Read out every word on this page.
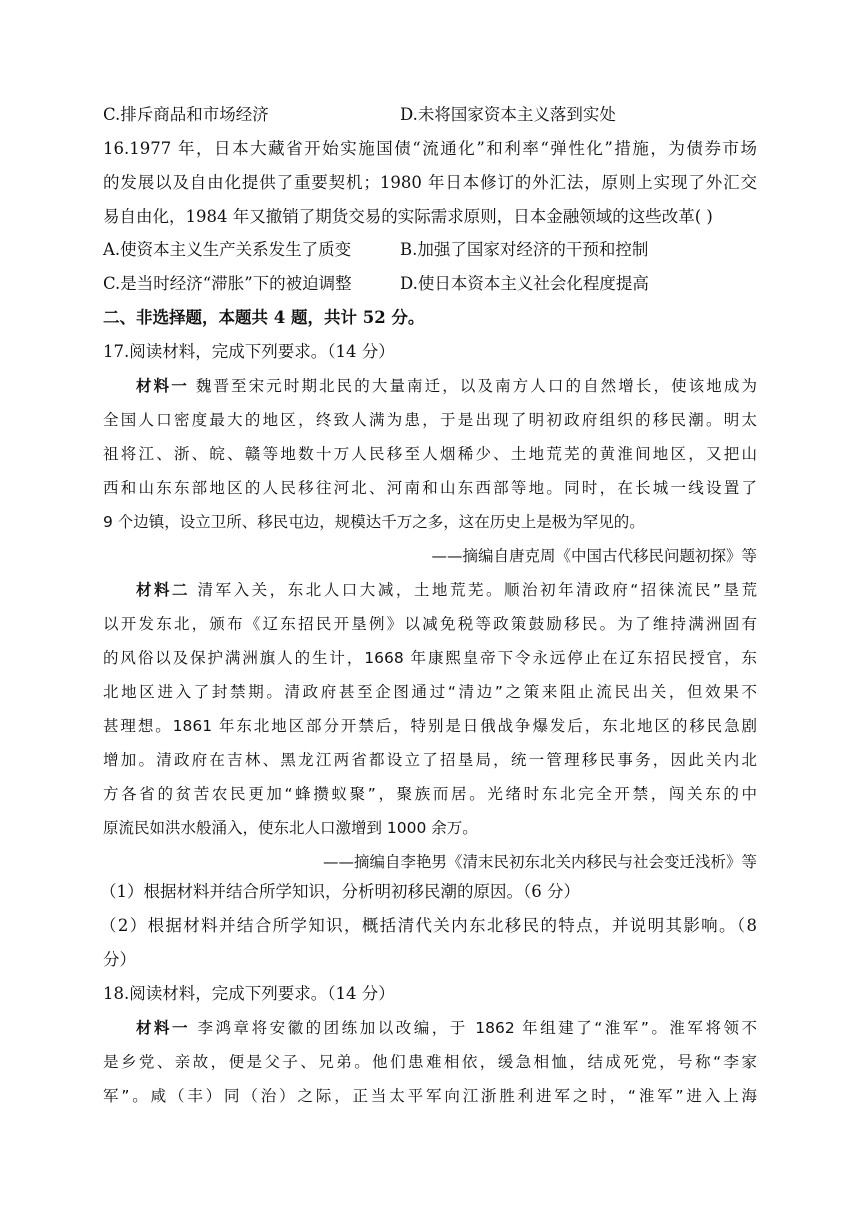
C.排斥商品和市场经济	D.未将国家资本主义落到实处
16.1977 年，日本大藏省开始实施国债“流通化”和利率“弹性化”措施，为债券市场
的发展以及自由化提供了重要契机；1980 年日本修订的外汇法，原则上实现了外汇交
易自由化，1984 年又撤销了期货交易的实际需求原则，日本金融领域的这些改革( )
A.使资本主义生产关系发生了质变	B.加强了国家对经济的干预和控制
C.是当时经济“滞胀”下的被迫调整	D.使日本资本主义社会化程度提高
二、非选择题，本题共 4 题，共计 52 分。
17.阅读材料，完成下列要求。（14 分）
材料一 魏晋至宋元时期北民的大量南迁，以及南方人口的自然增长，使该地成为
全国人口密度最大的地区，终致人满为患，于是出现了明初政府组织的移民潮。明太
祖将江、浙、皖、赣等地数十万人民移至人烟稀少、土地荒芜的黄淮间地区，又把山
西和山东东部地区的人民移往河北、河南和山东西部等地。同时，在长城一线设置了
9 个边镇，设立卫所、移民屯边，规模达千万之多，这在历史上是极为罕见的。
——摘编自唐克周《中国古代移民问题初探》等
材料二 清军入关，东北人口大减，土地荒芜。顺治初年清政府“招徕流民”垦荒
以开发东北，颁布《辽东招民开垦例》以减免税等政策鼓励移民。为了维持满洲固有
的风俗以及保护满洲旗人的生计，1668 年康熙皇帝下令永远停止在辽东招民授官，东
北地区进入了封禁期。清政府甚至企图通过“清边”之策来阻止流民出关，但效果不
甚理想。1861 年东北地区部分开禁后，特别是日俄战争爆发后，东北地区的移民急剧
增加。清政府在吉林、黑龙江两省都设立了招垦局，统一管理移民事务，因此关内北
方各省的贫苦农民更加“蜂攒蚁聚”，聚族而居。光绪时东北完全开禁，闯关东的中
原流民如洪水般涌入，使东北人口激增到 1000 余万。
——摘编自李艳男《清末民初东北关内移民与社会变迁浅析》等
（1）根据材料并结合所学知识，分析明初移民潮的原因。（6 分）
（2）根据材料并结合所学知识，概括清代关内东北移民的特点，并说明其影响。（8
分）
18.阅读材料，完成下列要求。（14 分）
材料一 李鸿章将安徽的团练加以改编，于 1862 年组建了“淮军”。淮军将领不
是乡党、亲故，便是父子、兄弟。他们患难相依，缓急相恤，结成死党，号称“李家
军”。咸（丰）同（治）之际，正当太平军向江浙胜利进军之时，“淮军”进入上海
